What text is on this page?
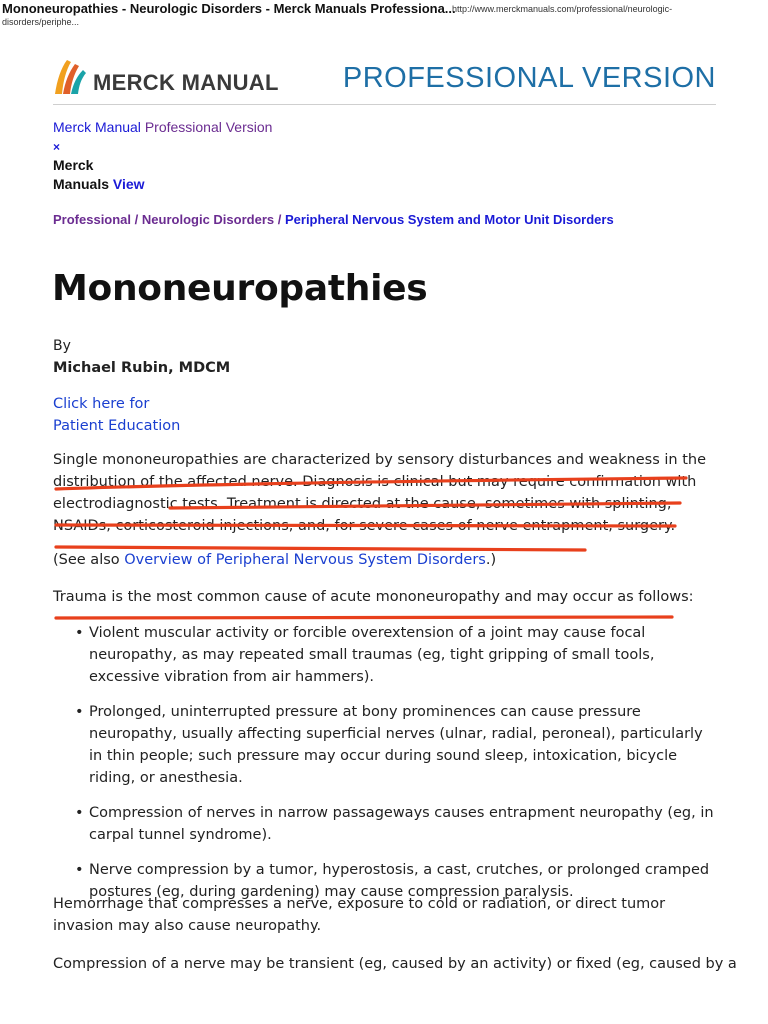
Mononeuropathies - Neurologic Disorders - Merck Manuals Professiona...
http://www.merckmanuals.com/professional/neurologic-
disorders/periphe...
MERCK MANUAL PROFESSIONAL VERSION
Merck Manual Professional Version
×
Merck
Manuals View
Professional / Neurologic Disorders / Peripheral Nervous System and Motor Unit Disorders
Mononeuropathies
By
Michael Rubin, MDCM
Click here for
Patient Education

Single mononeuropathies are characterized by sensory disturbances and weakness in the distribution of the affected nerve. Diagnosis is clinical but may require confirmation with electrodiagnostic tests. Treatment is directed at the cause, sometimes with splinting, NSAIDs, corticosteroid injections, and, for severe cases of nerve entrapment, surgery.

(See also Overview of Peripheral Nervous System Disorders.)

Trauma is the most common cause of acute mononeuropathy and may occur as follows:

• Violent muscular activity or forcible overextension of a joint may cause focal neuropathy, as may repeated small traumas (eg, tight gripping of small tools, excessive vibration from air hammers).
• Prolonged, uninterrupted pressure at bony prominences can cause pressure neuropathy, usually affecting superficial nerves (ulnar, radial, peroneal), particularly in thin people; such pressure may occur during sound sleep, intoxication, bicycle riding, or anesthesia.
• Compression of nerves in narrow passageways causes entrapment neuropathy (eg, in carpal tunnel syndrome).
• Nerve compression by a tumor, hyperostosis, a cast, crutches, or prolonged cramped postures (eg, during gardening) may cause compression paralysis.

Hemorrhage that compresses a nerve, exposure to cold or radiation, or direct tumor invasion may also cause neuropathy.

Compression of a nerve may be transient (eg, caused by an activity) or fixed (eg, caused by a
